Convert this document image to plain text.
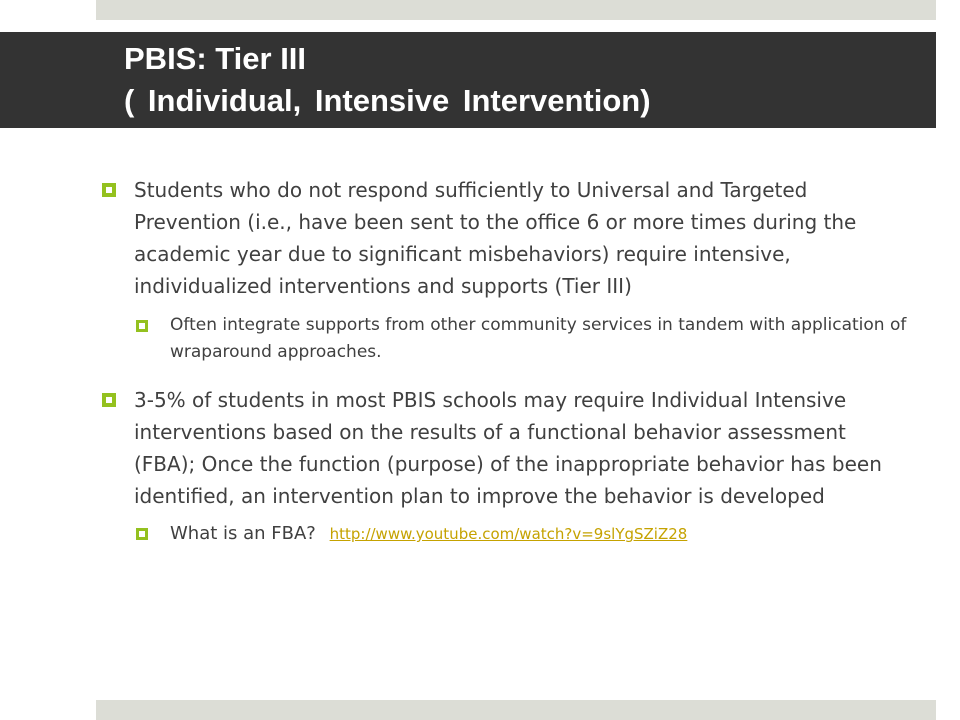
PBIS: Tier III
( Individual, Intensive Intervention)
Students who do not respond sufficiently to Universal and Targeted Prevention (i.e., have been sent to the office 6 or more times during the academic year due to significant misbehaviors) require intensive, individualized interventions and supports (Tier III)
Often integrate supports from other community services in tandem with application of wraparound approaches.
3-5% of students in most PBIS schools may require Individual Intensive interventions based on the results of a functional behavior assessment (FBA); Once the function (purpose) of the inappropriate behavior has been identified, an intervention plan to improve the behavior is developed
What is an FBA? http://www.youtube.com/watch?v=9slYgSZiZ28
